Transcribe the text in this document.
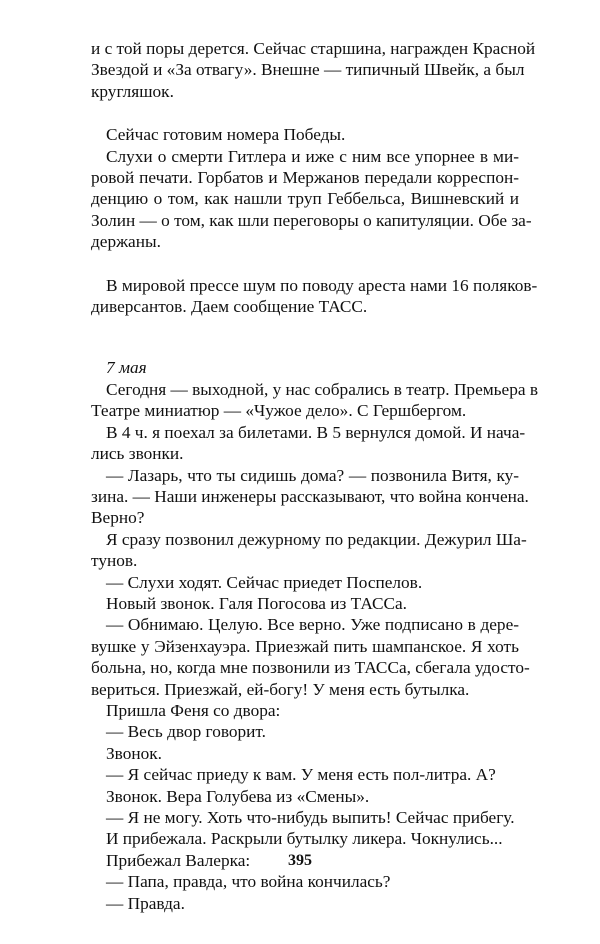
и с той поры дерется. Сейчас старшина, награжден Красной
Звездой и «За отвагу». Внешне — типичный Швейк, а был
кругляшок.
Сейчас готовим номера Победы.
Слухи о смерти Гитлера и иже с ним все упорнее в ми-
ровой печати. Горбатов и Мержанов передали корреспон-
денцию о том, как нашли труп Геббельса, Вишневский и
Золин — о том, как шли переговоры о капитуляции. Обе за-
держаны.
В мировой прессе шум по поводу ареста нами 16 поляков-
диверсантов. Даем сообщение ТАСС.
7 мая
Сегодня — выходной, у нас собрались в театр. Премьера в
Театре миниатюр — «Чужое дело». С Гершбергом.
В 4 ч. я поехал за билетами. В 5 вернулся домой. И нача-
лись звонки.
— Лазарь, что ты сидишь дома? — позвонила Витя, ку-
зина. — Наши инженеры рассказывают, что война кончена.
Верно?
Я сразу позвонил дежурному по редакции. Дежурил Ша-
тунов.
— Слухи ходят. Сейчас приедет Поспелов.
Новый звонок. Галя Погосова из ТАССа.
— Обнимаю. Целую. Все верно. Уже подписано в дере-
вушке у Эйзенхауэра. Приезжай пить шампанское. Я хоть
больна, но, когда мне позвонили из ТАССа, сбегала удосто-
вериться. Приезжай, ей-богу! У меня есть бутылка.
Пришла Феня со двора:
— Весь двор говорит.
Звонок.
— Я сейчас приеду к вам. У меня есть пол-литра. А?
Звонок. Вера Голубева из «Смены».
— Я не могу. Хоть что-нибудь выпить! Сейчас прибегу.
И прибежала. Раскрыли бутылку ликера. Чокнулись...
Прибежал Валерка:
— Папа, правда, что война кончилась?
— Правда.
395
